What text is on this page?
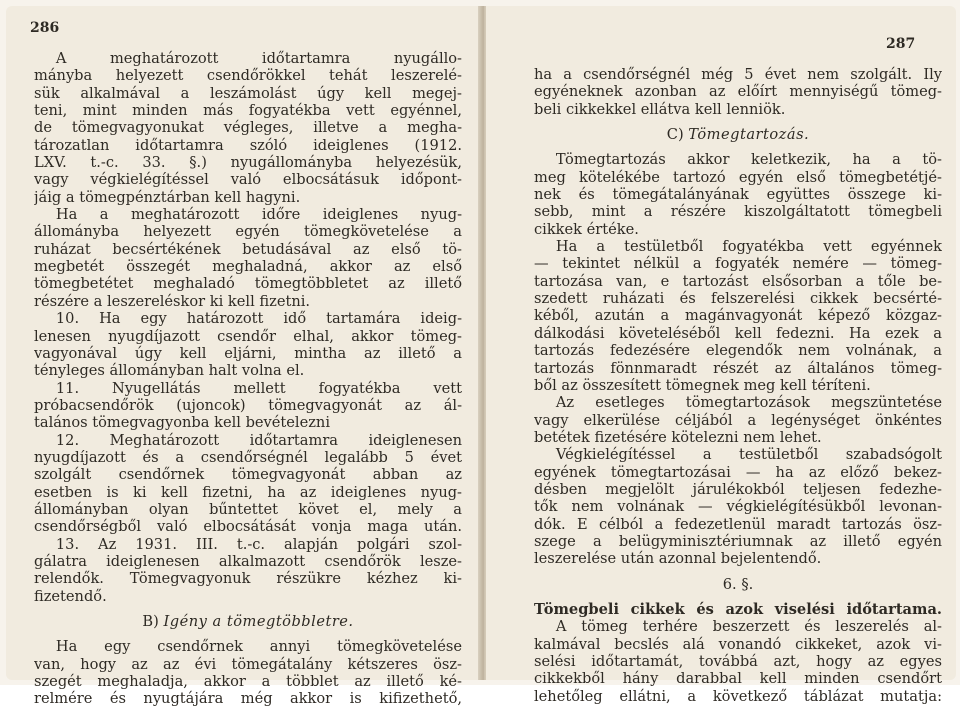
286
  A meghatározott időtartamra nyugállo-
mányba helyezett csendőrökkel tehát leszerelé-
sük alkalmával a leszámolást úgy kell megej-
teni, mint minden más fogyatékba vett egyénnel,
de tömegvagyonukat végleges, illetve a megha-
tározatlan időtartamra szóló ideiglenes (1912.
LXV. t.-c. 33. §.) nyugállományba helyezésük,
vagy végkielégítéssel való elbocsátásuk időpont-
jáig a tömegpénztárban kell hagyni.
  Ha a meghatározott időre ideiglenes nyug-
állományba helyezett egyén tömegkövetelése a
ruházat becsértékének betudásával az első tö-
megbetét összegét meghaladná, akkor az első
tömegbetétet meghaladó tömegtöbbletet az illető
részére a leszereléskor ki kell fizetni.
  10. Ha egy határozott idő tartamára ideig-
lenesen nyugdíjazott csendőr elhal, akkor tömeg-
vagyonával úgy kell eljárni, mintha az illető a
tényleges állományban halt volna el.
  11. Nyugellátás mellett fogyatékba vett
próbacsendőrök (ujoncok) tömegvagyonát az ál-
talános tömegvagyonba kell bevételezni
  12. Meghatározott időtartamra ideiglenesen
nyugdíjazott és a csendőrségnél legalább 5 évet
szolgált csendőrnek tömegvagyonát abban az
esetben is ki kell fizetni, ha az ideiglenes nyug-
állományban olyan bűntettet követ el, mely a
csendőrségből való elbocsátását vonja maga után.
  13. Az 1931. III. t.-c. alapján polgári szol-
gálatra ideiglenesen alkalmazott csendőrök lesze-
relendők. Tömegvagyonuk részükre kézhez ki-
fizetendő.
B) Igény a tömegtöbbletre.
  Ha egy csendőrnek annyi tömegkövetelése
van, hogy az az évi tömegátalány kétszeres ösz-
szegét meghaladja, akkor a többlet az illető ké-
relmére és nyugtájára még akkor is kifizethető,
287
ha a csendőrségnél még 5 évet nem szolgált. Ily
egyéneknek azonban az előírt mennyiségű tömeg-
beli cikkekkel ellátva kell lenniök.
C) Tömegtartozás.
  Tömegtartozás akkor keletkezik, ha a tö-
meg kötelékébe tartozó egyén első tömegbetétjé-
nek és tömegátalányának együttes összege ki-
sebb, mint a részére kiszolgáltatott tömegbeli
cikkek értéke.
  Ha a testületből fogyatékba vett egyénnek
— tekintet nélkül a fogyaték nemére — tömeg-
tartozása van, e tartozást elsősorban a tőle be-
szedett ruházati és felszerelési cikkek becsérté-
kéből, azután a magánvagyonát képező közgaz-
dálkodási követeléséből kell fedezni. Ha ezek a
tartozás fedezésére elegendők nem volnának, a
tartozás fönnmaradt részét az általános tömeg-
ből az összesített tömegnek meg kell téríteni.
  Az esetleges tömegtartozások megszüntetése
vagy elkerülése céljából a legénységet önkéntes
betétek fizetésére kötelezni nem lehet.
  Végkielégítéssel a testületből szabadsógolt
egyének tömegtartozásai — ha az előző bekez-
désben megjelölt járulékokból teljesen fedezhe-
tők nem volnának — végkielégítésükből levonan-
dók. E célból a fedezetlenül maradt tartozás ösz-
szege a belügyminisztériumnak az illető egyén
leszerelése után azonnal bejelentendő.
6. §.
Tömegbeli cikkek és azok viselési időtartama.
  A tömeg terhére beszerzett és leszerelés al-
kalmával becslés alá vonandó cikkeket, azok vi-
selési időtartamát, továbbá azt, hogy az egyes
cikkekből hány darabbal kell minden csendőrt
lehetőleg ellátni, a következő táblázat mutatja:
